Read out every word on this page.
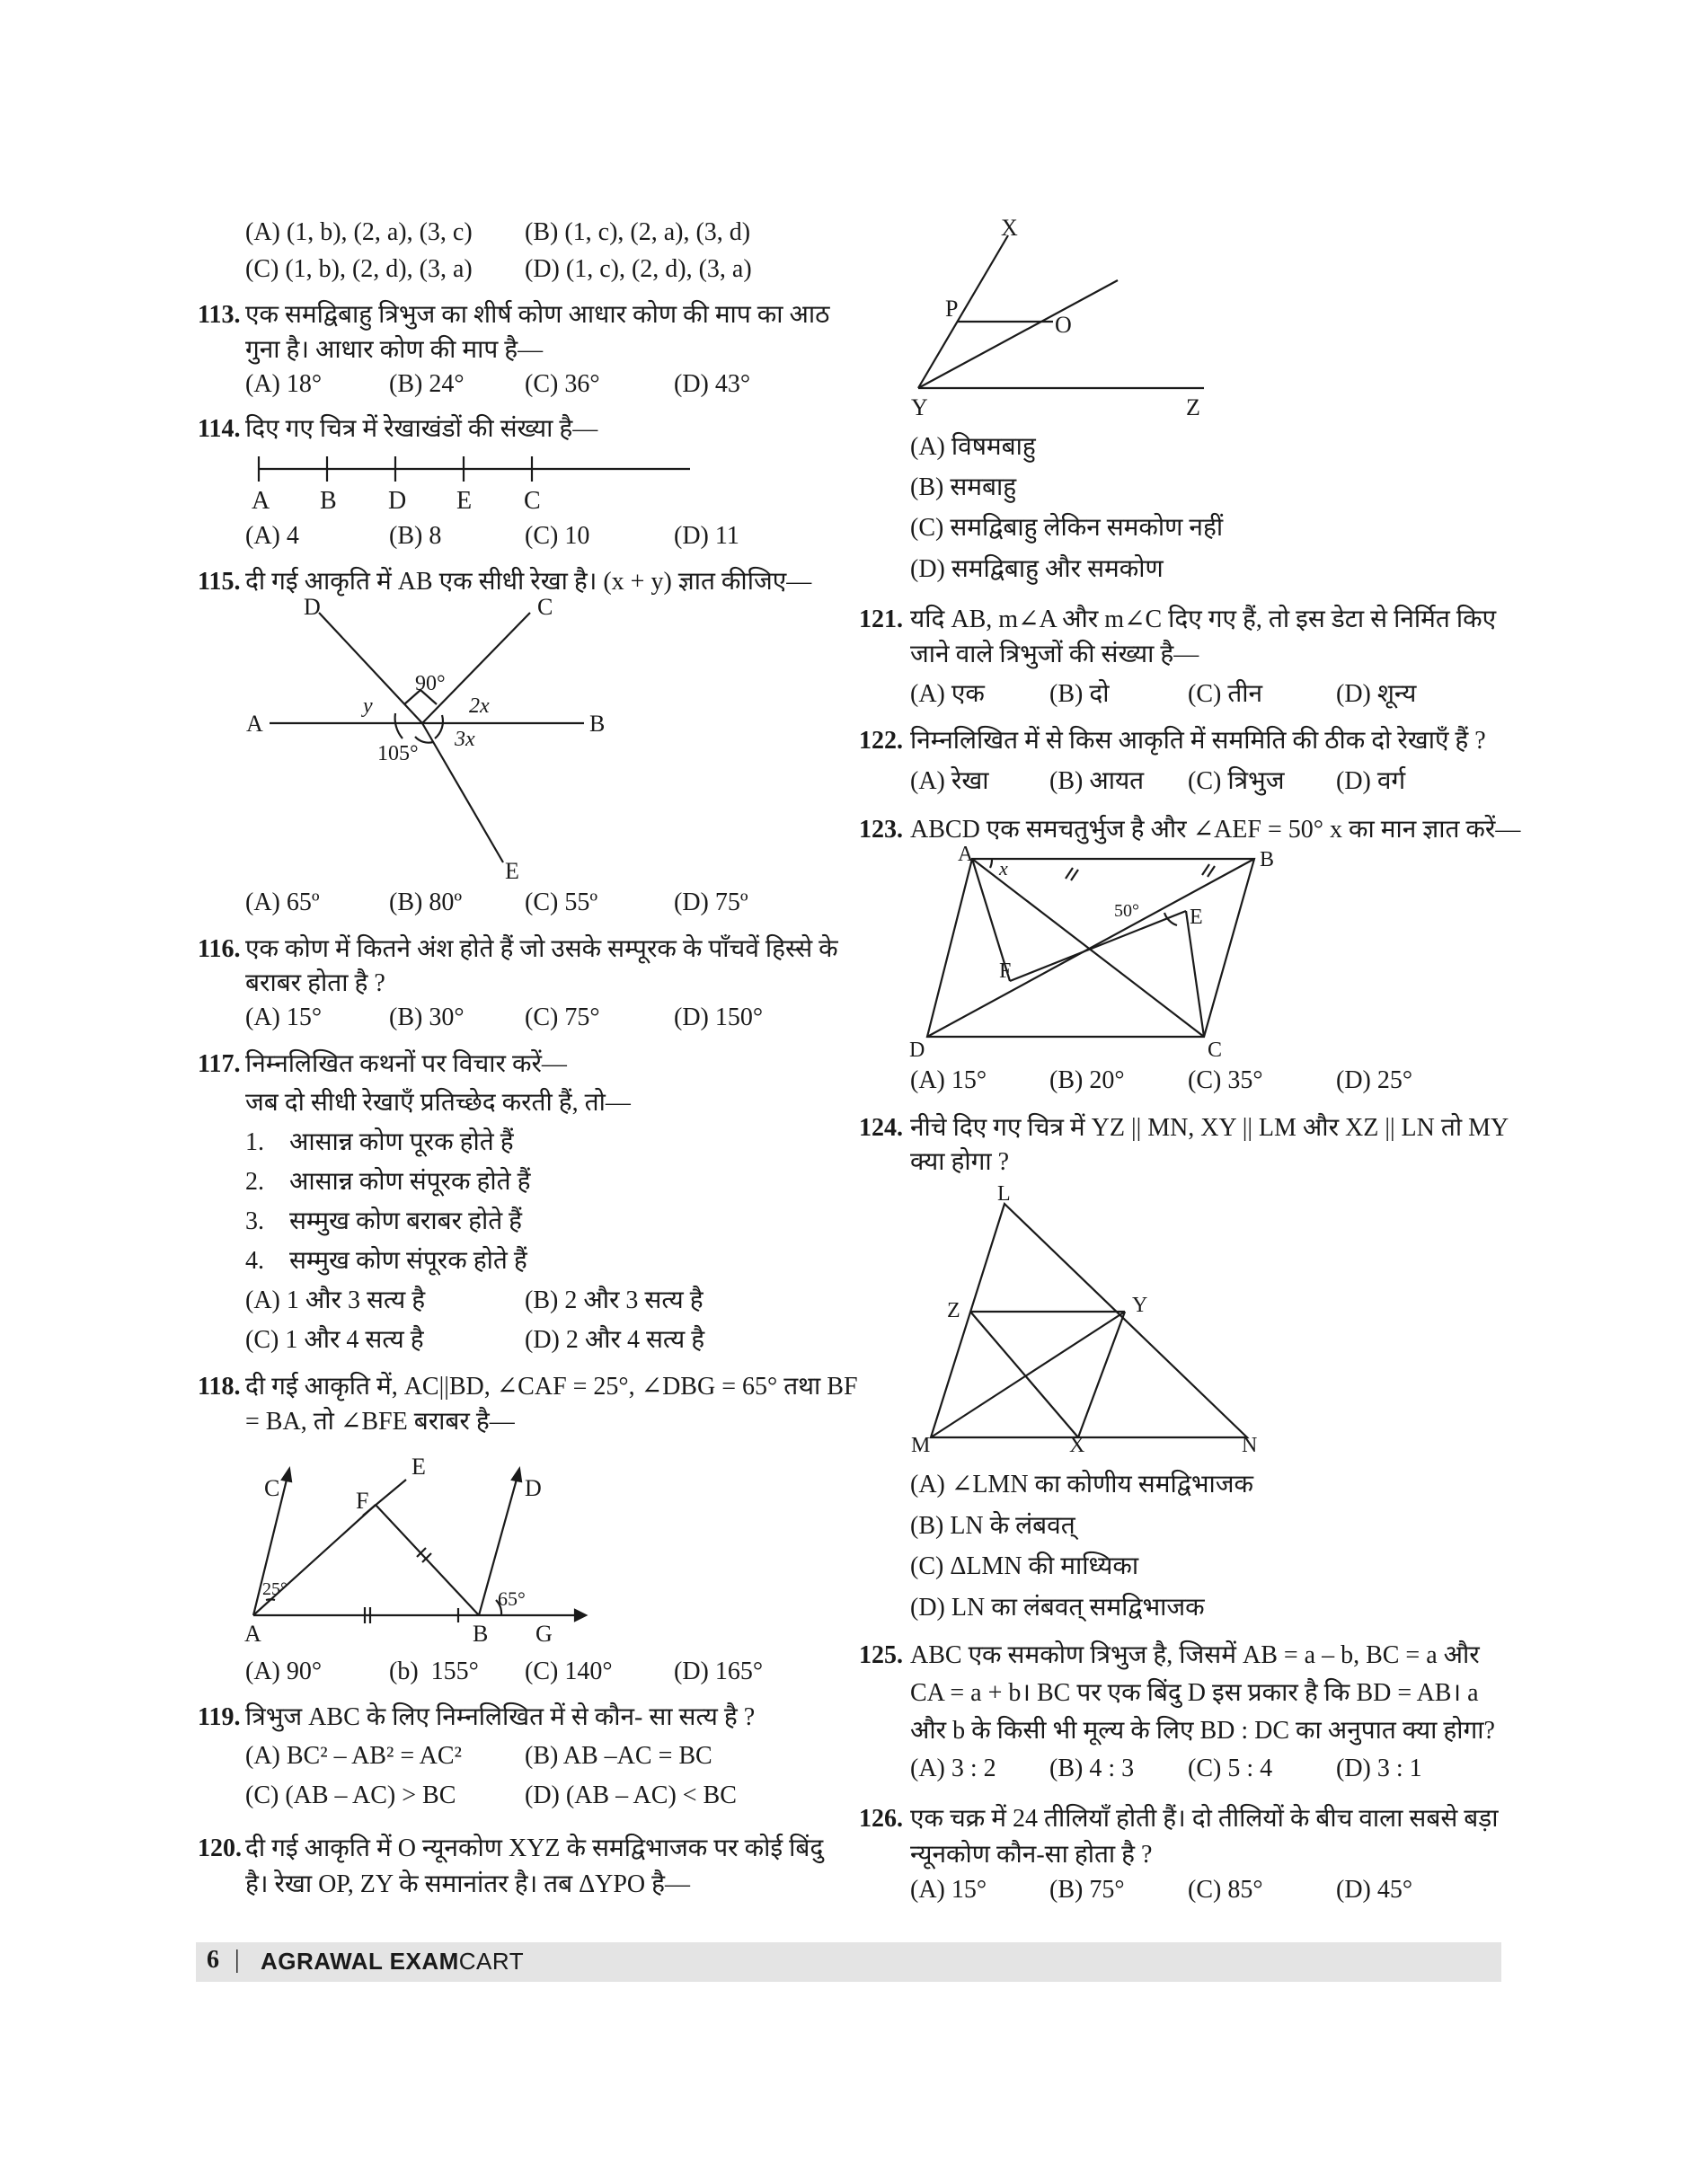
(A) (1, b), (2, a), (3, c) (B) (1, c), (2, a), (3, d)
(C) (1, b), (2, d), (3, a) (D) (1, c), (2, d), (3, a)
113. एक समद्विबाहु त्रिभुज का शीर्ष कोण आधार कोण की माप का आठ
गुना है। आधार कोण की माप है—
(A) 18°	(B) 24° (C) 36°	(D) 43°
114. दिए गए चित्र में रेखाखंडों की संख्या है—
A B D E C
(A) 4	(B) 8	(C) 10	(D) 11
115. दी गई आकृति में AB एक सीधी रेखा है। (x + y) ज्ञात कीजिए—
D	C
A	B
E
90°
y	2x
3x
105°
(A) 65º	(B) 80º (C) 55º	(D) 75º
116. एक कोण में कितने अंश होते हैं जो उसके सम्पूरक के पाँचवें हिस्से के
बराबर होता है ?
(A) 15°	(B) 30° (C) 75°	(D) 150°
117. निम्नलिखित कथनों पर विचार करें—
जब दो सीधी रेखाएँ प्रतिच्छेद करती हैं, तो—
1.    आसान्न कोण पूरक होते हैं
2.    आसान्न कोण संपूरक होते हैं
3.    सम्मुख कोण बराबर होते हैं
4.    सम्मुख कोण संपूरक होते हैं
(A) 1 और 3 सत्य है	(B) 2 और 3 सत्य है
(C) 1 और 4 सत्य है	(D) 2 और 4 सत्य है
118. दी गई आकृति में, AC||BD, ∠CAF = 25°, ∠DBG = 65° तथा BF
= BA, तो ∠BFE बराबर है—
C
E
F	D
A	B G
25°	65°
(A) 90°	(b)  155° (C) 140° (D) 165°
119. त्रिभुज ABC के लिए निम्नलिखित में से कौन- सा सत्य है ?
(A) BC² – AB² = AC²	(B) AB –AC = BC
(C) (AB – AC) > BC	(D) (AB – AC) < BC
120. दी गई आकृति में O न्यूनकोण XYZ के समद्विभाजक पर कोई बिंदु
है। रेखा OP, ZY के समानांतर है। तब ΔYPO है—
X
P
O
Y	Z
(A) विषमबाहु
(B) समबाहु
(C) समद्विबाहु लेकिन समकोण नहीं
(D) समद्विबाहु और समकोण
121. यदि AB, m∠A और m∠C दिए गए हैं, तो इस डेटा से निर्मित किए
जाने वाले त्रिभुजों की संख्या है—
(A) एक	(B) दो	(C) तीन	(D) शून्य
122. निम्नलिखित में से किस आकृति में सममिति की ठीक दो रेखाएँ हैं ?
(A) रेखा (B) आयत (C) त्रिभुज (D) वर्ग
123. ABCD एक समचतुर्भुज है और ∠AEF = 50° x का मान ज्ञात करें—
A	B
C
D
E
F
x
50°
(A) 15° (B) 20°	(C) 35°	(D) 25°
124. नीचे दिए गए चित्र में YZ || MN, XY || LM और XZ || LN तो MY
क्या होगा ?
L
Z	Y
M	X	N
(A) ∠LMN का कोणीय समद्विभाजक
(B) LN के लंबवत्
(C) ΔLMN की माध्यिका
(D) LN का लंबवत् समद्विभाजक
125. ABC एक समकोण त्रिभुज है, जिसमें AB = a – b, BC = a और
CA = a + b। BC पर एक बिंदु D इस प्रकार है कि BD = AB। a
और b के किसी भी मूल्य के लिए BD : DC का अनुपात क्या होगा?
(A) 3 : 2 (B) 4 : 3 (C) 5 : 4	(D) 3 : 1
126. एक चक्र में 24 तीलियाँ होती हैं। दो तीलियों के बीच वाला सबसे बड़ा
न्यूनकोण कौन-सा होता है ?
(A) 15° (B) 75°	(C) 85°	(D) 45°
6 | AGRAWAL EXAMCART
